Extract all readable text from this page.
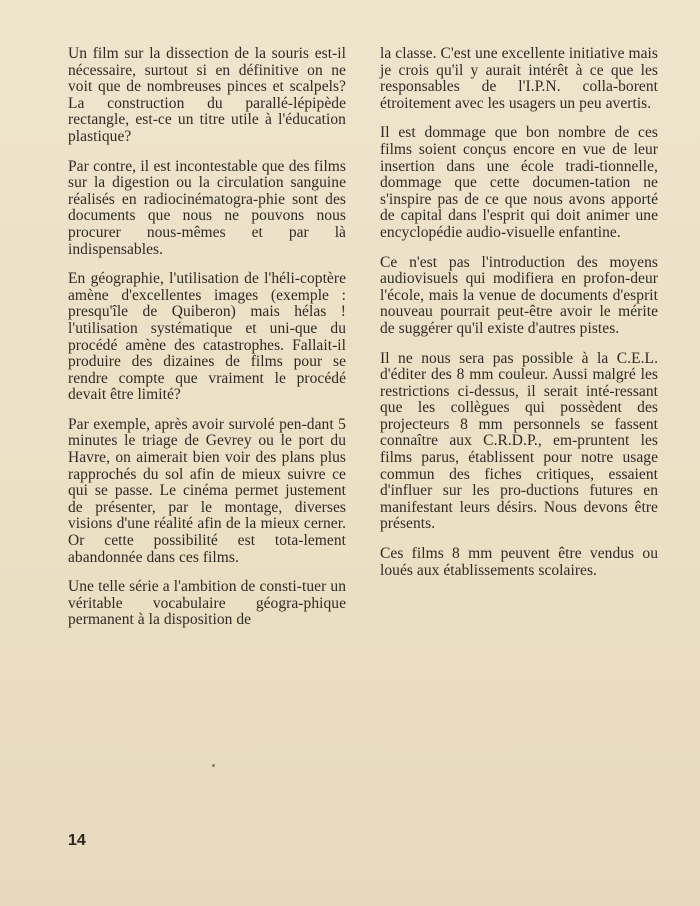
Un film sur la dissection de la souris est-il nécessaire, surtout si en définitive on ne voit que de nombreuses pinces et scalpels? La construction du parallé-lépipède rectangle, est-ce un titre utile à l'éducation plastique?

Par contre, il est incontestable que des films sur la digestion ou la circulation sanguine réalisés en radiocinématogra-phie sont des documents que nous ne pouvons nous procurer nous-mêmes et par là indispensables.

En géographie, l'utilisation de l'héli-coptère amène d'excellentes images (exemple : presqu'île de Quiberon) mais hélas ! l'utilisation systématique et uni-que du procédé amène des catastrophes. Fallait-il produire des dizaines de films pour se rendre compte que vraiment le procédé devait être limité?

Par exemple, après avoir survolé pen-dant 5 minutes le triage de Gevrey ou le port du Havre, on aimerait bien voir des plans plus rapprochés du sol afin de mieux suivre ce qui se passe. Le cinéma permet justement de présenter, par le montage, diverses visions d'une réalité afin de la mieux cerner. Or cette possibilité est tota-lement abandonnée dans ces films.

Une telle série a l'ambition de consti-tuer un véritable vocabulaire géogra-phique permanent à la disposition de

la classe. C'est une excellente initiative mais je crois qu'il y aurait intérêt à ce que les responsables de l'I.P.N. colla-borent étroitement avec les usagers un peu avertis.

Il est dommage que bon nombre de ces films soient conçus encore en vue de leur insertion dans une école tradi-tionnelle, dommage que cette documen-tation ne s'inspire pas de ce que nous avons apporté de capital dans l'esprit qui doit animer une encyclopédie audio-visuelle enfantine.

Ce n'est pas l'introduction des moyens audiovisuels qui modifiera en profon-deur l'école, mais la venue de documents d'esprit nouveau pourrait peut-être avoir le mérite de suggérer qu'il existe d'autres pistes.

Il ne nous sera pas possible à la C.E.L. d'éditer des 8 mm couleur. Aussi malgré les restrictions ci-dessus, il serait inté-ressant que les collègues qui possèdent des projecteurs 8 mm personnels se fassent connaître aux C.R.D.P., em-pruntent les films parus, établissent pour notre usage commun des fiches critiques, essaient d'influer sur les pro-ductions futures en manifestant leurs désirs. Nous devons être présents.

Ces films 8 mm peuvent être vendus ou loués aux établissements scolaires.

14
